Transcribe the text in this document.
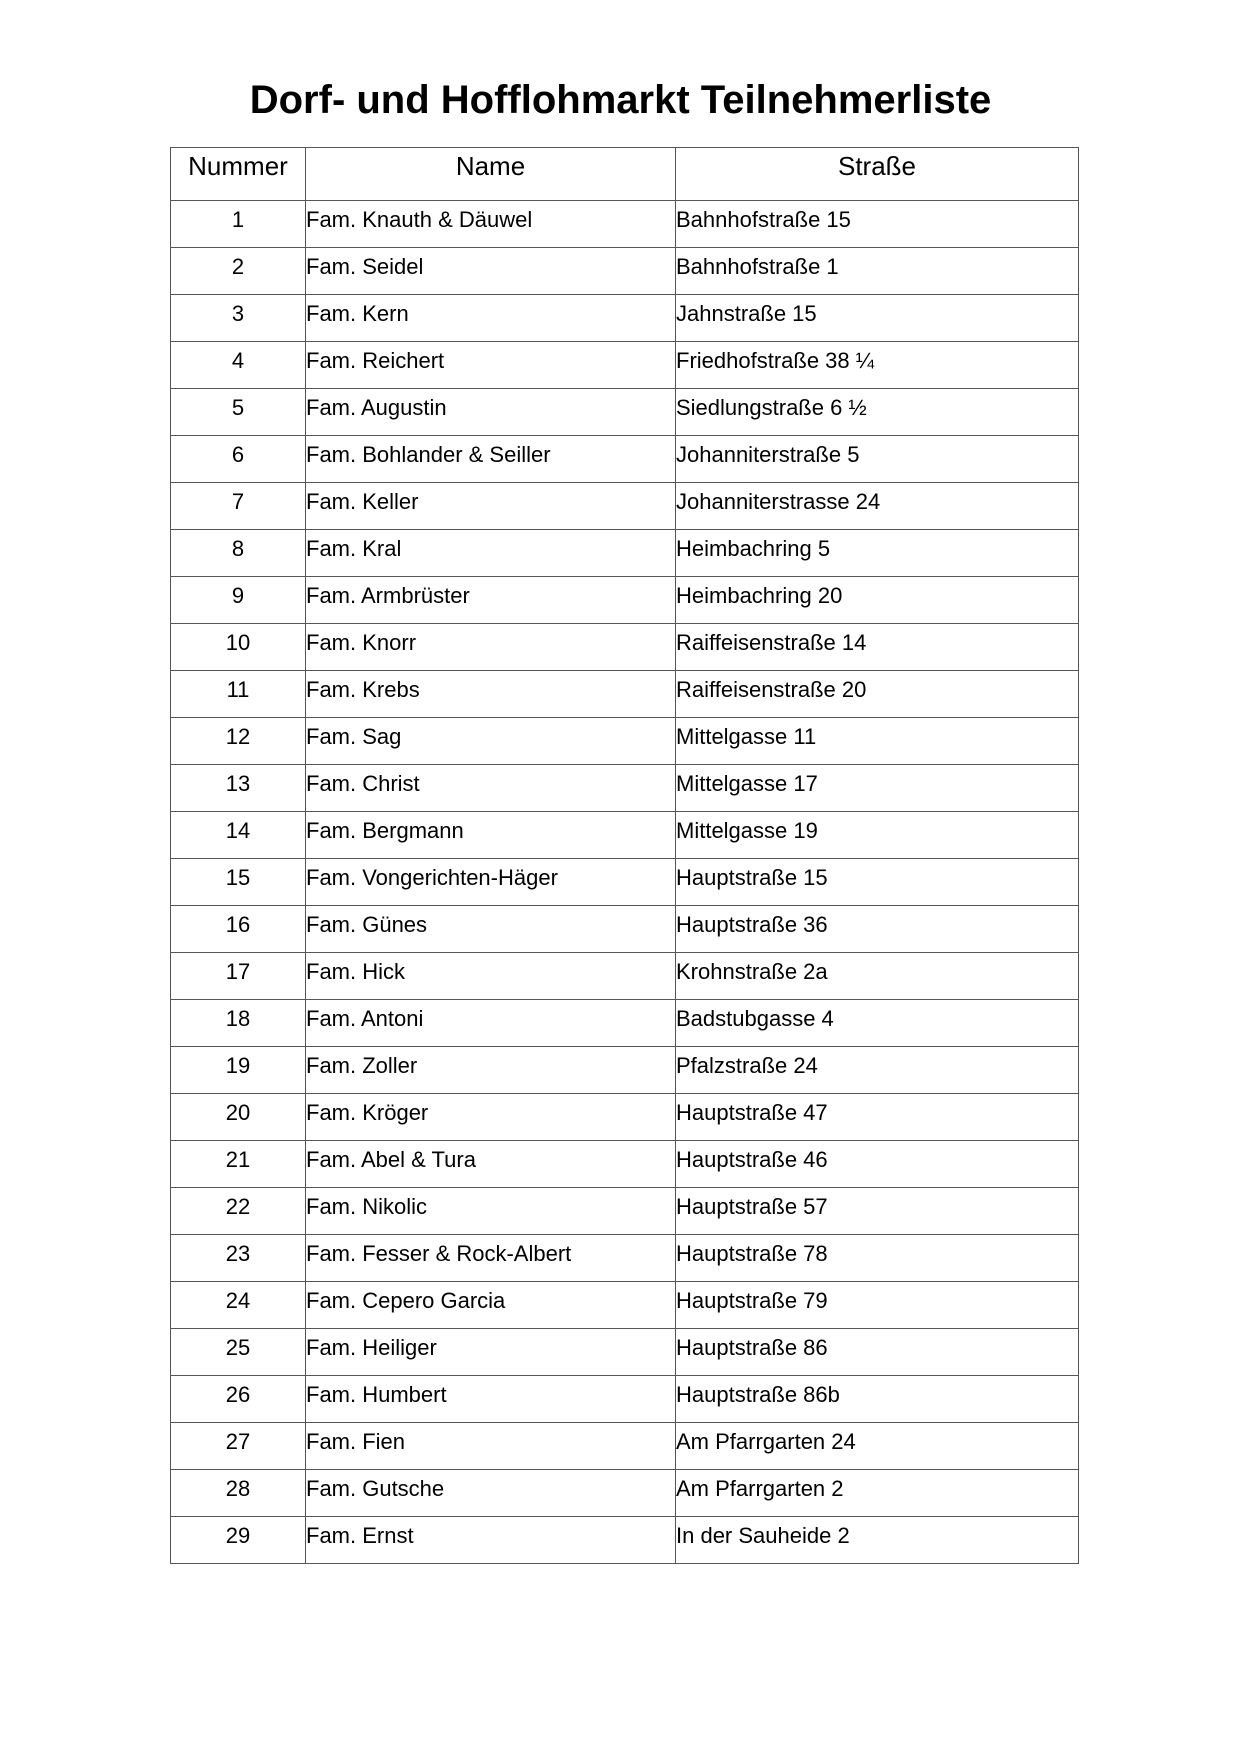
Dorf- und Hofflohmarkt Teilnehmerliste
Nummer	Name	Straße
1	Fam. Knauth & Däuwel	Bahnhofstraße 15
2	Fam. Seidel	Bahnhofstraße 1
3	Fam. Kern	Jahnstraße 15
4	Fam. Reichert	Friedhofstraße 38 ¼
5	Fam. Augustin	Siedlungstraße 6 ½
6	Fam. Bohlander & Seiller	Johanniterstraße 5
7	Fam. Keller	Johanniterstrasse 24
8	Fam. Kral	Heimbachring 5
9	Fam. Armbrüster	Heimbachring 20
10	Fam. Knorr	Raiffeisenstraße 14
11	Fam. Krebs	Raiffeisenstraße 20
12	Fam. Sag	Mittelgasse 11
13	Fam. Christ	Mittelgasse 17
14	Fam. Bergmann	Mittelgasse 19
15	Fam. Vongerichten-Häger	Hauptstraße 15
16	Fam. Günes	Hauptstraße 36
17	Fam. Hick	Krohnstraße 2a
18	Fam. Antoni	Badstubgasse 4
19	Fam. Zoller	Pfalzstraße 24
20	Fam. Kröger	Hauptstraße 47
21	Fam. Abel & Tura	Hauptstraße 46
22	Fam. Nikolic	Hauptstraße 57
23	Fam. Fesser & Rock-Albert	Hauptstraße 78
24	Fam. Cepero Garcia	Hauptstraße 79
25	Fam. Heiliger	Hauptstraße 86
26	Fam. Humbert	Hauptstraße 86b
27	Fam. Fien	Am Pfarrgarten 24
28	Fam. Gutsche	Am Pfarrgarten 2
29	Fam. Ernst	In der Sauheide 2
